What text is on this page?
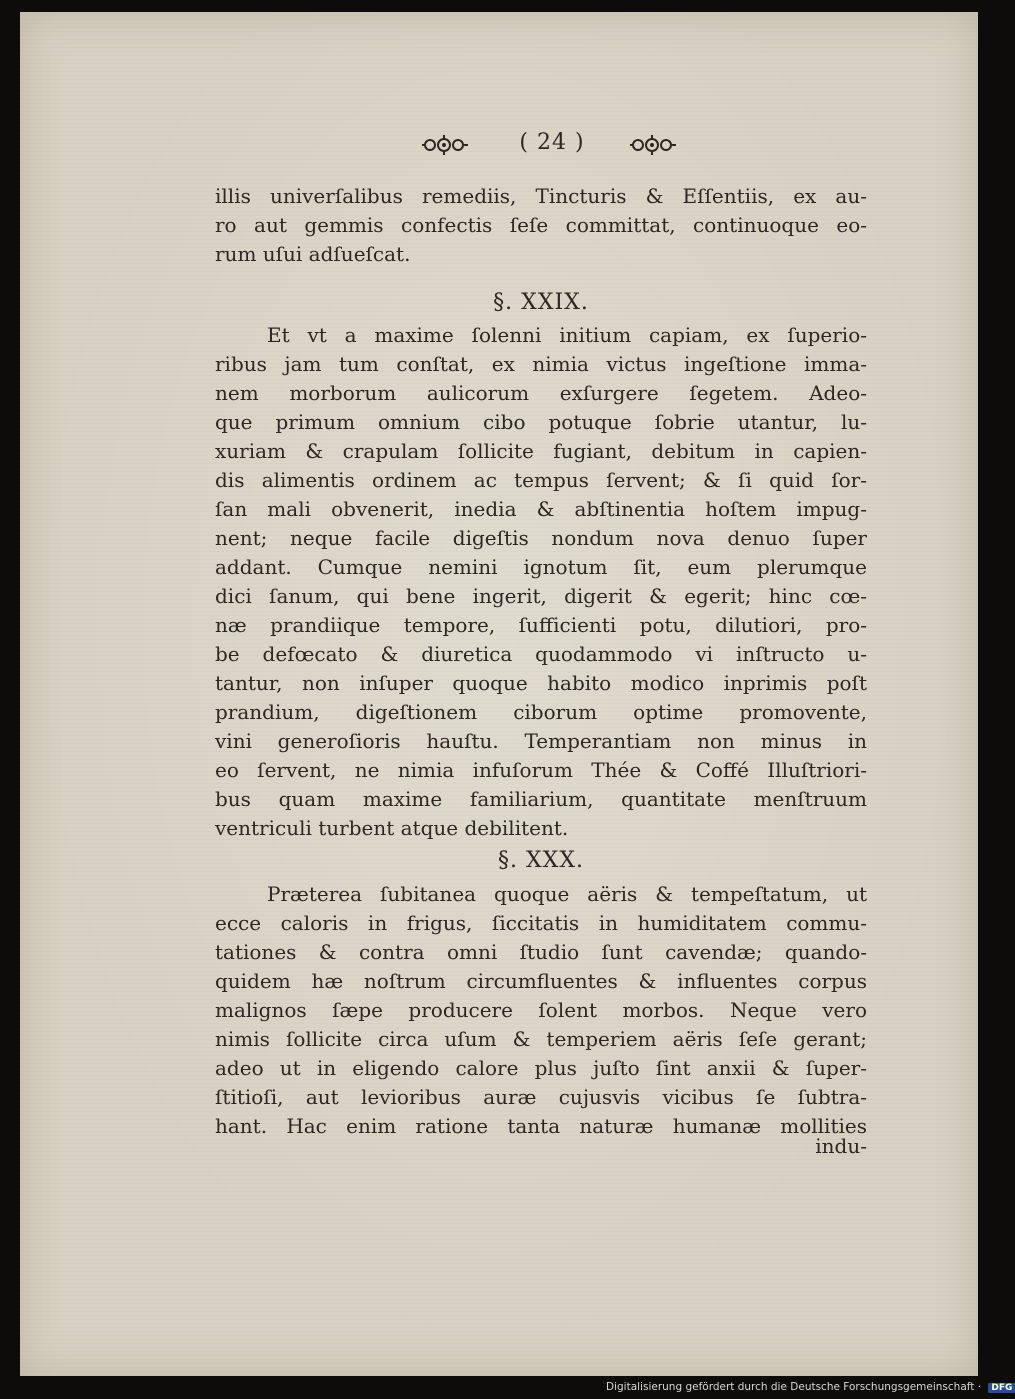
( 24 )
illis univerſalibus remediis, Tincturis & Eſſentiis, ex au-
ro aut gemmis confectis ſeſe committat, continuoque eo-
rum uſui adſueſcat.
§. XXIX.
Et vt a maxime ſolenni initium capiam, ex ſuperio-
ribus jam tum conſtat, ex nimia victus ingeſtione imma-
nem morborum aulicorum exſurgere ſegetem. Adeo-
que primum omnium cibo potuque ſobrie utantur, lu-
xuriam & crapulam ſollicite fugiant, debitum in capien-
dis alimentis ordinem ac tempus ſervent; & ſi quid ſor-
ſan mali obvenerit, inedia & abſtinentia hoſtem impug-
nent; neque facile digeſtis nondum nova denuo ſuper
addant. Cumque nemini ignotum ſit, eum plerumque
dici ſanum, qui bene ingerit, digerit & egerit; hinc cœ-
næ prandiique tempore, ſufficienti potu, dilutiori, pro-
be defœcato & diuretica quodammodo vi inſtructo u-
tantur, non inſuper quoque habito modico inprimis poſt
prandium, digeſtionem ciborum optime promovente,
vini generoſioris hauſtu. Temperantiam non minus in
eo ſervent, ne nimia infuſorum Thée & Coffé Illuſtriori-
bus quam maxime familiarium, quantitate menſtruum
ventriculi turbent atque debilitent.
§. XXX.
Præterea ſubitanea quoque aëris & tempeſtatum, ut
ecce caloris in frigus, ſiccitatis in humiditatem commu-
tationes & contra omni ſtudio ſunt cavendæ; quando-
quidem hæ noſtrum circumfluentes & influentes corpus
malignos ſæpe producere ſolent morbos. Neque vero
nimis ſollicite circa uſum & temperiem aëris ſeſe gerant;
adeo ut in eligendo calore plus juſto ſint anxii & ſuper-
ſtitioſi, aut levioribus auræ cujusvis vicibus ſe ſubtra-
hant. Hac enim ratione tanta naturæ humanæ mollities
indu-
Digitalisierung gefördert durch die Deutsche Forschungsgemeinschaft · DFG
